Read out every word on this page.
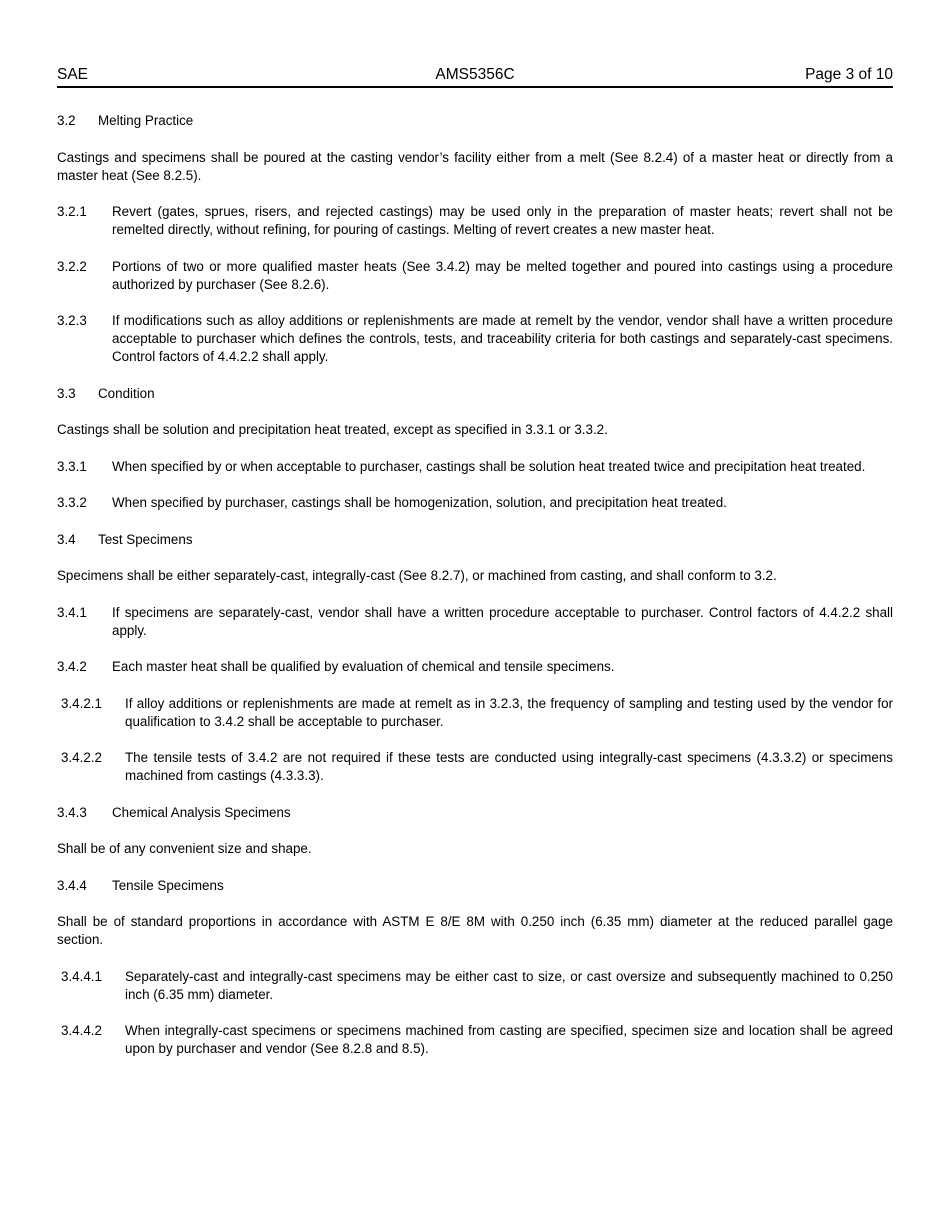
SAE	AMS5356C	Page 3 of 10
3.2 Melting Practice
Castings and specimens shall be poured at the casting vendor’s facility either from a melt (See 8.2.4) of a master heat or directly from a master heat (See 8.2.5).
3.2.1 Revert (gates, sprues, risers, and rejected castings) may be used only in the preparation of master heats; revert shall not be remelted directly, without refining, for pouring of castings. Melting of revert creates a new master heat.
3.2.2 Portions of two or more qualified master heats (See 3.4.2) may be melted together and poured into castings using a procedure authorized by purchaser (See 8.2.6).
3.2.3 If modifications such as alloy additions or replenishments are made at remelt by the vendor, vendor shall have a written procedure acceptable to purchaser which defines the controls, tests, and traceability criteria for both castings and separately-cast specimens. Control factors of 4.4.2.2 shall apply.
3.3 Condition
Castings shall be solution and precipitation heat treated, except as specified in 3.3.1 or 3.3.2.
3.3.1 When specified by or when acceptable to purchaser, castings shall be solution heat treated twice and precipitation heat treated.
3.3.2 When specified by purchaser, castings shall be homogenization, solution, and precipitation heat treated.
3.4 Test Specimens
Specimens shall be either separately-cast, integrally-cast (See 8.2.7), or machined from casting, and shall conform to 3.2.
3.4.1 If specimens are separately-cast, vendor shall have a written procedure acceptable to purchaser. Control factors of 4.4.2.2 shall apply.
3.4.2 Each master heat shall be qualified by evaluation of chemical and tensile specimens.
3.4.2.1 If alloy additions or replenishments are made at remelt as in 3.2.3, the frequency of sampling and testing used by the vendor for qualification to 3.4.2 shall be acceptable to purchaser.
3.4.2.2 The tensile tests of 3.4.2 are not required if these tests are conducted using integrally-cast specimens (4.3.3.2) or specimens machined from castings (4.3.3.3).
3.4.3 Chemical Analysis Specimens
Shall be of any convenient size and shape.
3.4.4 Tensile Specimens
Shall be of standard proportions in accordance with ASTM E 8/E 8M with 0.250 inch (6.35 mm) diameter at the reduced parallel gage section.
3.4.4.1 Separately-cast and integrally-cast specimens may be either cast to size, or cast oversize and subsequently machined to 0.250 inch (6.35 mm) diameter.
3.4.4.2 When integrally-cast specimens or specimens machined from casting are specified, specimen size and location shall be agreed upon by purchaser and vendor (See 8.2.8 and 8.5).
